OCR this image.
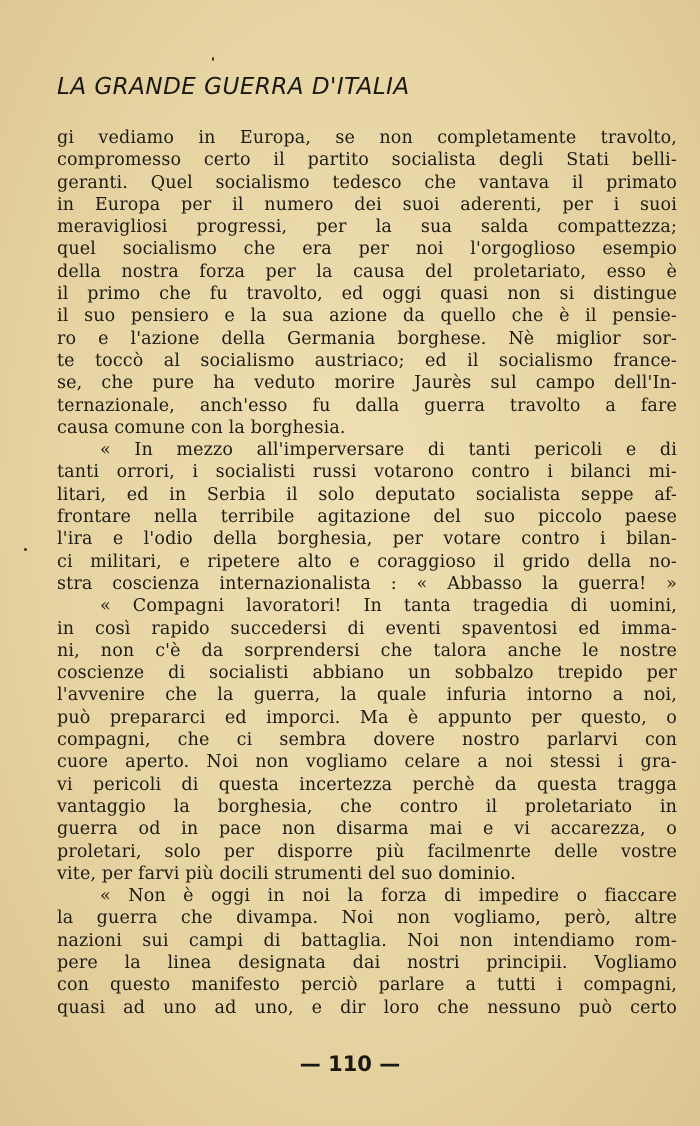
LA GRANDE GUERRA D'ITALIA
gi vediamo in Europa, se non completamente travolto,
compromesso certo il partito socialista degli Stati belli-
geranti. Quel socialismo tedesco che vantava il primato
in Europa per il numero dei suoi aderenti, per i suoi
meravigliosi progressi, per la sua salda compattezza;
quel socialismo che era per noi l'orgoglioso esempio
della nostra forza per la causa del proletariato, esso è
il primo che fu travolto, ed oggi quasi non si distingue
il suo pensiero e la sua azione da quello che è il pensie-
ro e l'azione della Germania borghese. Nè miglior sor-
te toccò al socialismo austriaco; ed il socialismo france-
se, che pure ha veduto morire Jaurès sul campo dell'In-
ternazionale, anch'esso fu dalla guerra travolto a fare
causa comune con la borghesia.
« In mezzo all'imperversare di tanti pericoli e di
tanti orrori, i socialisti russi votarono contro i bilanci mi-
litari, ed in Serbia il solo deputato socialista seppe af-
frontare nella terribile agitazione del suo piccolo paese
l'ira e l'odio della borghesia, per votare contro i bilan-
ci militari, e ripetere alto e coraggioso il grido della no-
stra coscienza internazionalista : « Abbasso la guerra! »
« Compagni lavoratori! In tanta tragedia di uomini,
in così rapido succedersi di eventi spaventosi ed imma-
ni, non c'è da sorprendersi che talora anche le nostre
coscienze di socialisti abbiano un sobbalzo trepido per
l'avvenire che la guerra, la quale infuria intorno a noi,
può prepararci ed imporci. Ma è appunto per questo, o
compagni, che ci sembra dovere nostro parlarvi con
cuore aperto. Noi non vogliamo celare a noi stessi i gra-
vi pericoli di questa incertezza perchè da questa tragga
vantaggio la borghesia, che contro il proletariato in
guerra od in pace non disarma mai e vi accarezza, o
proletari, solo per disporre più facilmenrte delle vostre
vite, per farvi più docili strumenti del suo dominio.
« Non è oggi in noi la forza di impedire o fiaccare
la guerra che divampa. Noi non vogliamo, però, altre
nazioni sui campi di battaglia. Noi non intendiamo rom-
pere la linea designata dai nostri principii. Vogliamo
con questo manifesto perciò parlare a tutti i compagni,
quasi ad uno ad uno, e dir loro che nessuno può certo

— 110 —
